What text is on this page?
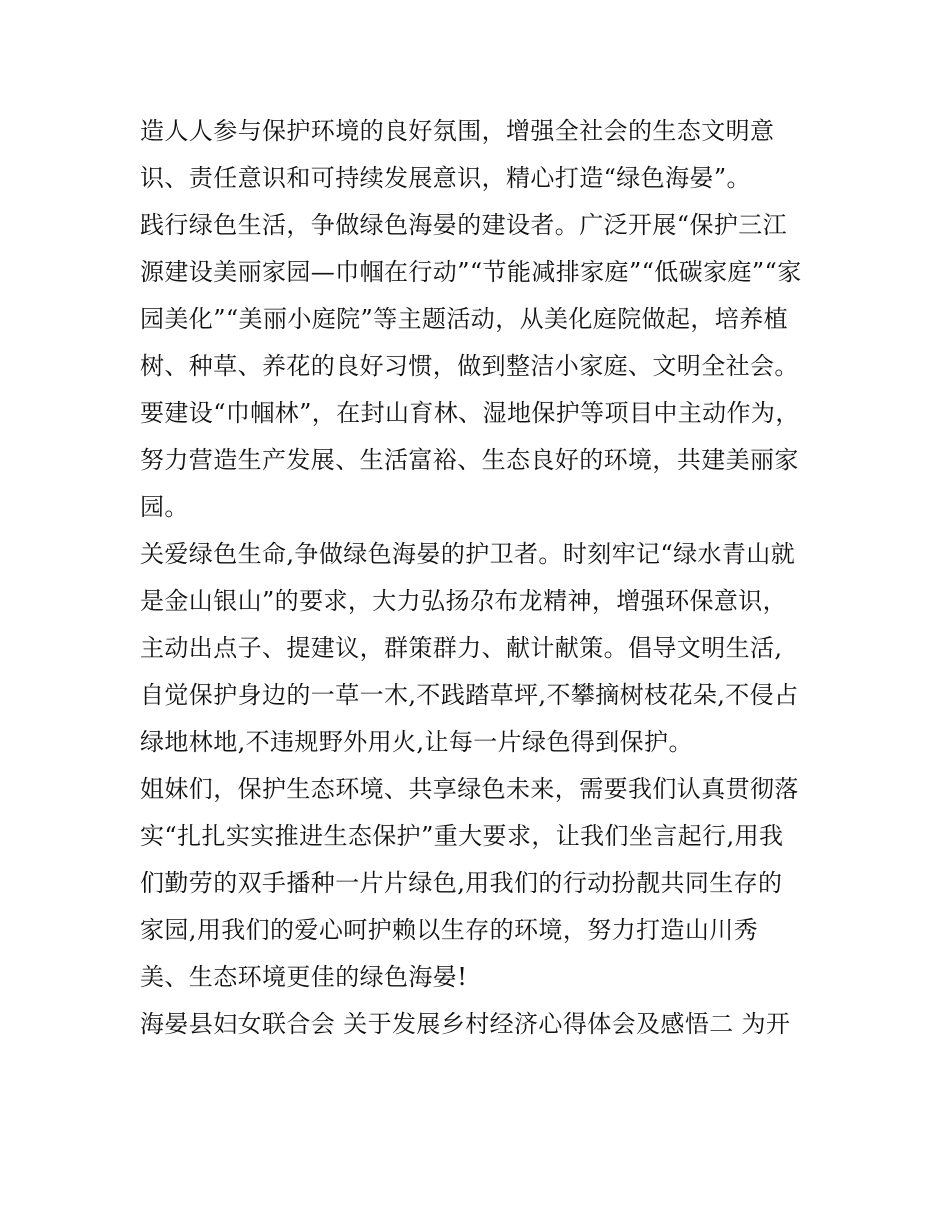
造人人参与保护环境的良好氛围，增强全社会的生态文明意
识、责任意识和可持续发展意识，精心打造“绿色海晏”。
践行绿色生活，争做绿色海晏的建设者。广泛开展“保护三江
源建设美丽家园—巾帼在行动”“节能减排家庭”“低碳家庭”“家
园美化”“美丽小庭院”等主题活动，从美化庭院做起，培养植
树、种草、养花的良好习惯，做到整洁小家庭、文明全社会。
要建设“巾帼林”，在封山育林、湿地保护等项目中主动作为，
努力营造生产发展、生活富裕、生态良好的环境，共建美丽家
园。
关爱绿色生命,争做绿色海晏的护卫者。时刻牢记“绿水青山就
是金山银山”的要求，大力弘扬尕布龙精神，增强环保意识，
主动出点子、提建议，群策群力、献计献策。倡导文明生活,
自觉保护身边的一草一木,不践踏草坪,不攀摘树枝花朵,不侵占
绿地林地,不违规野外用火,让每一片绿色得到保护。
姐妹们，保护生态环境、共享绿色未来，需要我们认真贯彻落
实“扎扎实实推进生态保护”重大要求，让我们坐言起行,用我
们勤劳的双手播种一片片绿色,用我们的行动扮靓共同生存的
家园,用我们的爱心呵护赖以生存的环境，努力打造山川秀
美、生态环境更佳的绿色海晏!
海晏县妇女联合会 关于发展乡村经济心得体会及感悟二 为开
